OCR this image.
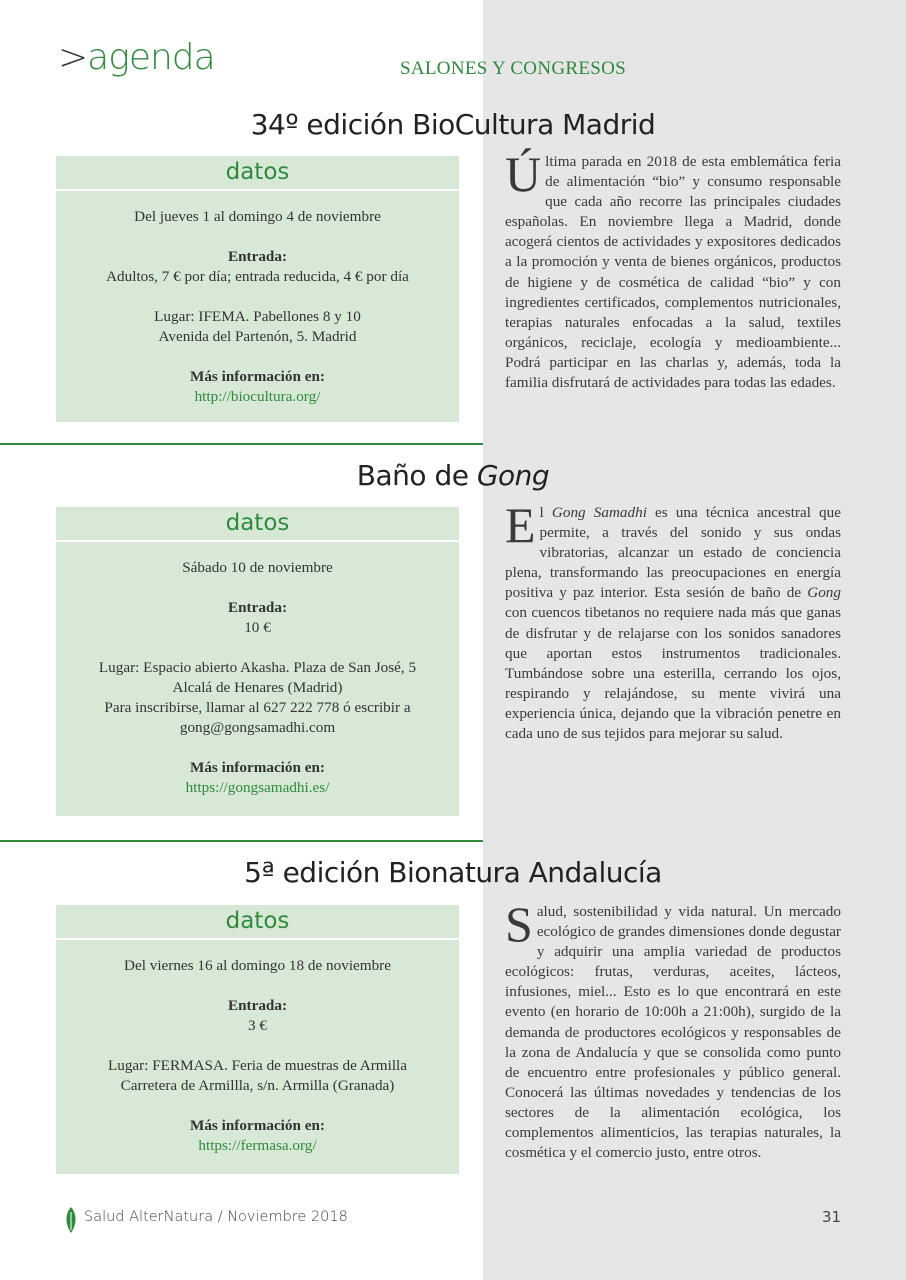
>agenda	SALONES Y CONGRESOS
34º edición BioCultura Madrid
datos
Del jueves 1 al domingo 4 de noviembre
Entrada:
Adultos, 7 € por día; entrada reducida, 4 € por día
Lugar: IFEMA. Pabellones 8 y 10
Avenida del Partenón, 5. Madrid
Más información en:
http://biocultura.org/
Última parada en 2018 de esta emblemática feria de alimentación “bio” y consumo responsable que cada año recorre las principales ciudades españolas. En noviembre llega a Madrid, donde acogerá cientos de actividades y expositores dedicados a la promoción y venta de bienes orgánicos, productos de higiene y de cosmética de calidad “bio” y con ingredientes certificados, complementos nutricionales, terapias naturales enfocadas a la salud, textiles orgánicos, reciclaje, ecología y medioambiente... Podrá participar en las charlas y, además, toda la familia disfrutará de actividades para todas las edades.
Baño de Gong
datos
Sábado 10 de noviembre
Entrada:
10 €
Lugar: Espacio abierto Akasha. Plaza de San José, 5
Alcalá de Henares (Madrid)
Para inscribirse, llamar al 627 222 778 ó escribir a
gong@gongsamadhi.com
Más información en:
https://gongsamadhi.es/
El Gong Samadhi es una técnica ancestral que permite, a través del sonido y sus ondas vibratorias, alcanzar un estado de conciencia plena, transformando las preocupaciones en energía positiva y paz interior. Esta sesión de baño de Gong con cuencos tibetanos no requiere nada más que ganas de disfrutar y de relajarse con los sonidos sanadores que aportan estos instrumentos tradicionales. Tumbándose sobre una esterilla, cerrando los ojos, respirando y relajándose, su mente vivirá una experiencia única, dejando que la vibración penetre en cada uno de sus tejidos para mejorar su salud.
5ª edición Bionatura Andalucía
datos
Del viernes 16 al domingo 18 de noviembre
Entrada:
3 €
Lugar: FERMASA. Feria de muestras de Armilla
Carretera de Armillla, s/n. Armilla (Granada)
Más información en:
https://fermasa.org/
Salud, sostenibilidad y vida natural. Un mercado ecológico de grandes dimensiones donde degustar y adquirir una amplia variedad de productos ecológicos: frutas, verduras, aceites, lácteos, infusiones, miel... Esto es lo que encontrará en este evento (en horario de 10:00h a 21:00h), surgido de la demanda de productores ecológicos y responsables de la zona de Andalucía y que se consolida como punto de encuentro entre profesionales y público general. Conocerá las últimas novedades y tendencias de los sectores de la alimentación ecológica, los complementos alimenticios, las terapias naturales, la cosmética y el comercio justo, entre otros.
Salud AlterNatura / Noviembre 2018	31
